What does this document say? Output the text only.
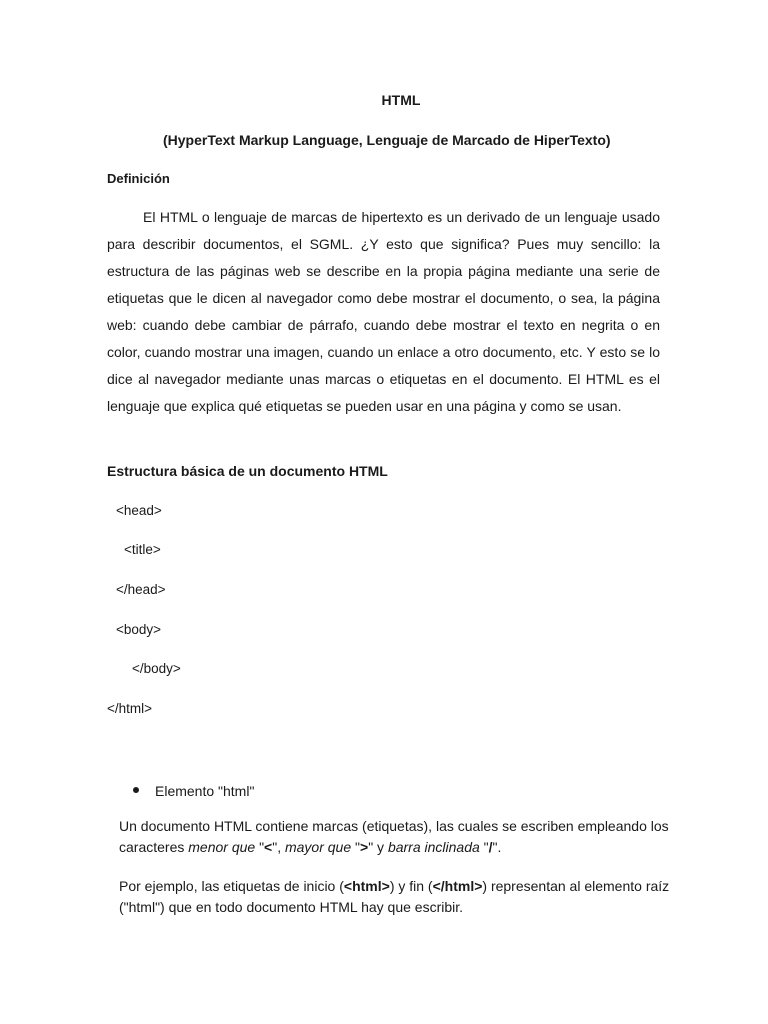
HTML
(HyperText Markup Language, Lenguaje de Marcado de HiperTexto)
Definición

El HTML o lenguaje de marcas de hipertexto es un derivado de un lenguaje usado para describir documentos, el SGML. ¿Y esto que significa? Pues muy sencillo: la estructura de las páginas web se describe en la propia página mediante una serie de etiquetas que le dicen al navegador como debe mostrar el documento, o sea, la página web: cuando debe cambiar de párrafo, cuando debe mostrar el texto en negrita o en color, cuando mostrar una imagen, cuando un enlace a otro documento, etc. Y esto se lo dice al navegador mediante unas marcas o etiquetas en el documento. El HTML es el lenguaje que explica qué etiquetas se pueden usar en una página y como se usan.

Estructura básica de un documento HTML
<head>
<title>
</head>
<body>
</body>
</html>
Elemento "html"

Un documento HTML contiene marcas (etiquetas), las cuales se escriben empleando los caracteres menor que "<", mayor que ">" y barra inclinada "/".

Por ejemplo, las etiquetas de inicio (<html>) y fin (</html>) representan al elemento raíz ("html") que en todo documento HTML hay que escribir.
